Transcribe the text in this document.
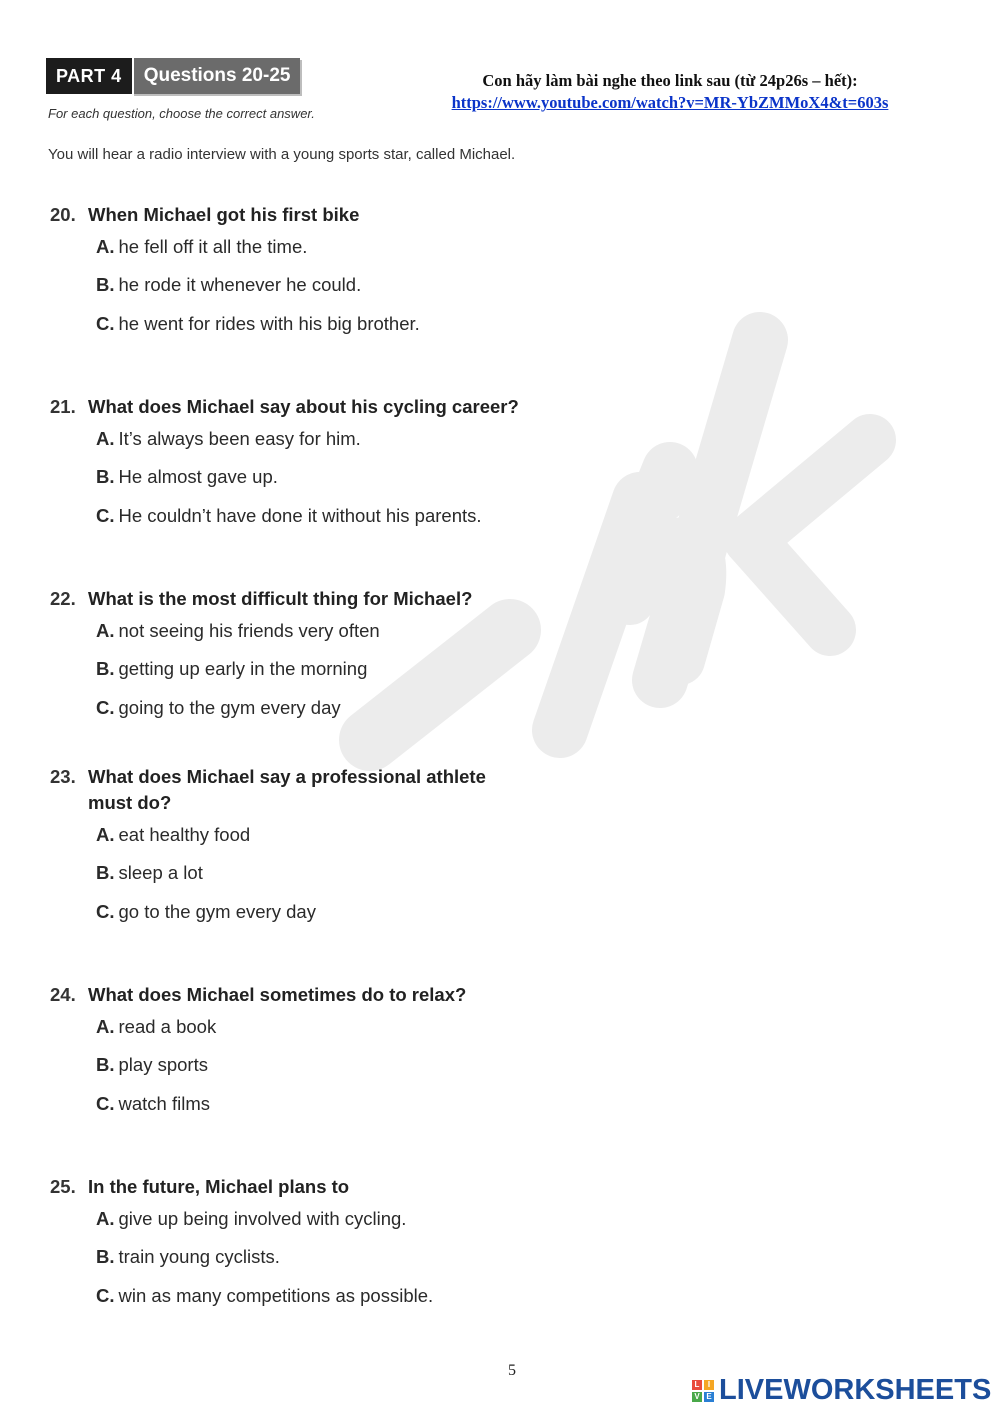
PART 4	Questions 20-25
For each question, choose the correct answer.
You will hear a radio interview with a young sports star, called Michael.
Con hãy làm bài nghe theo link sau (từ 24p26s – hết):
https://www.youtube.com/watch?v=MR-YbZMMoX4&t=603s
20. When Michael got his first bike
A. he fell off it all the time.
B. he rode it whenever he could.
C. he went for rides with his big brother.
21. What does Michael say about his cycling career?
A. It’s always been easy for him.
B. He almost gave up.
C. He couldn’t have done it without his parents.
22. What is the most difficult thing for Michael?
A. not seeing his friends very often
B. getting up early in the morning
C. going to the gym every day
23. What does Michael say a professional athlete must do?
A. eat healthy food
B. sleep a lot
C. go to the gym every day
24. What does Michael sometimes do to relax?
A. read a book
B. play sports
C. watch films
25. In the future, Michael plans to
A. give up being involved with cycling.
B. train young cyclists.
C. win as many competitions as possible.
5
L	I
V E LIVEWORKSHEETS
